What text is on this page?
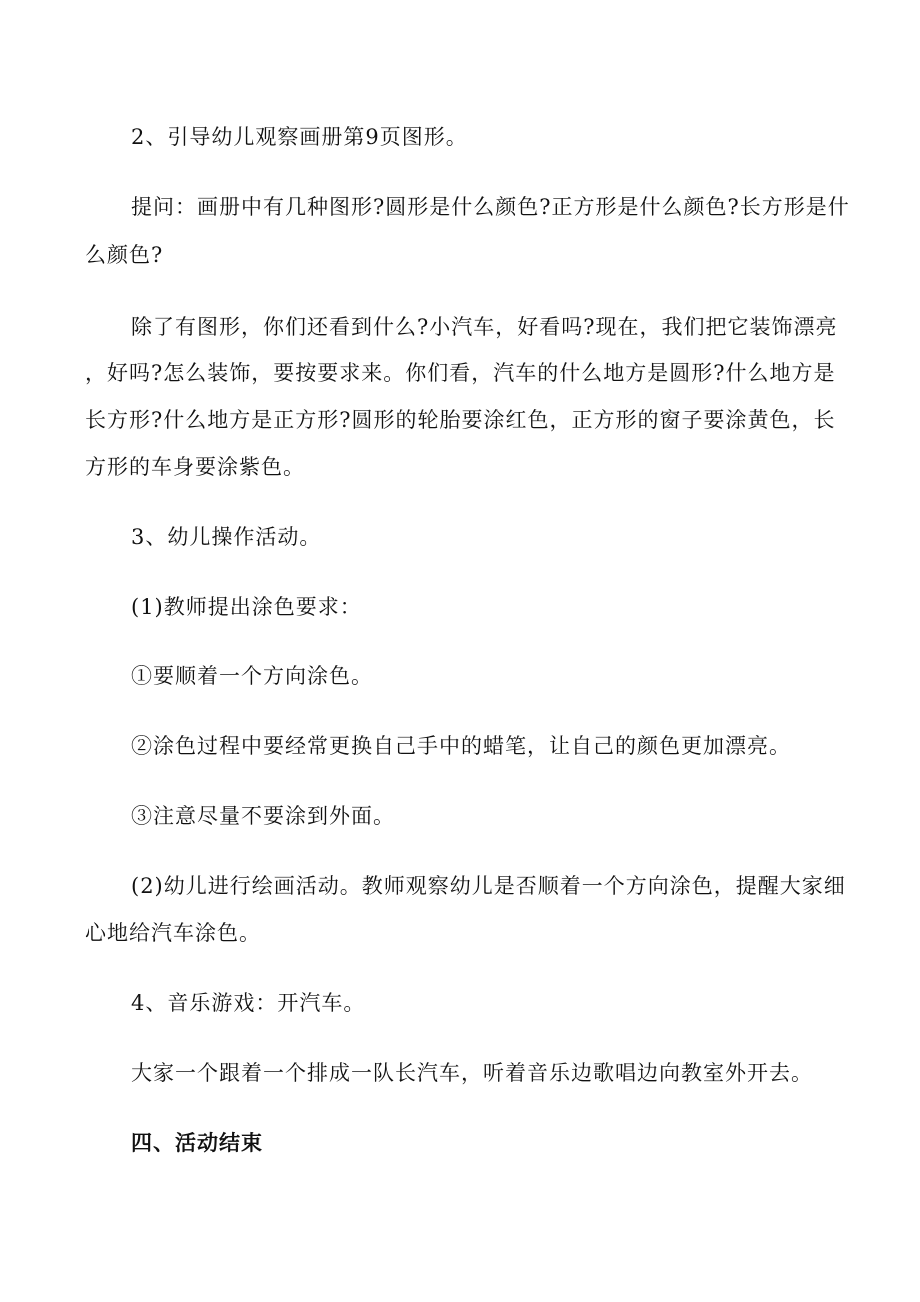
2、引导幼儿观察画册第9页图形。
提问：画册中有几种图形?圆形是什么颜色?正方形是什么颜色?长方形是什
么颜色?
除了有图形，你们还看到什么?小汽车，好看吗?现在，我们把它装饰漂亮
，好吗?怎么装饰，要按要求来。你们看，汽车的什么地方是圆形?什么地方是
长方形?什么地方是正方形?圆形的轮胎要涂红色，正方形的窗子要涂黄色，长
方形的车身要涂紫色。
3、幼儿操作活动。
(1)教师提出涂色要求：
①要顺着一个方向涂色。
②涂色过程中要经常更换自己手中的蜡笔，让自己的颜色更加漂亮。
③注意尽量不要涂到外面。
(2)幼儿进行绘画活动。教师观察幼儿是否顺着一个方向涂色，提醒大家细
心地给汽车涂色。
4、音乐游戏：开汽车。
大家一个跟着一个排成一队长汽车，听着音乐边歌唱边向教室外开去。
四、活动结束
